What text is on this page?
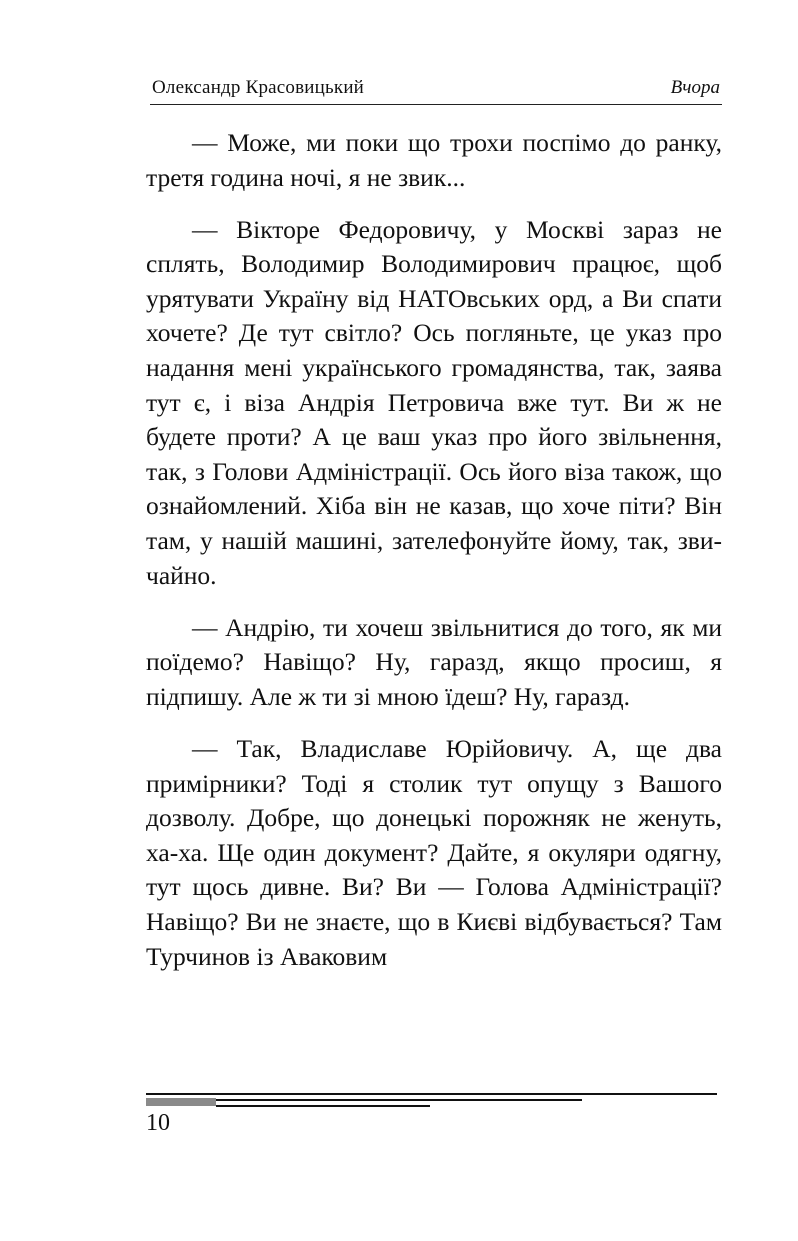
Олександр Красовицький	Вчора

— Може, ми поки що трохи поспімо до ранку, третя година ночі, я не звик...

— Вікторе Федоровичу, у Москві зараз не сплять, Володимир Володимирович працює, щоб урятувати Україну від НАТОвських орд, а Ви спати хочете? Де тут світло? Ось погляньте, це указ про надання мені українського громадянства, так, заява тут є, і віза Андрія Петровича вже тут. Ви ж не будете проти? А це ваш указ про його звільнення, так, з Голови Адміністрації. Ось його віза також, що ознайомлений. Хіба він не казав, що хоче піти? Він там, у нашій машині, зателефонуйте йому, так, звичайно.

— Андрію, ти хочеш звільнитися до того, як ми поїдемо? Навіщо? Ну, гаразд, якщо просиш, я підпишу. Але ж ти зі мною їдеш? Ну, гаразд.

— Так, Владиславе Юрійовичу. А, ще два примірники? Тоді я столик тут опущу з Вашого дозволу. Добре, що донецькі порожняк не женуть, ха-ха. Ще один документ? Дайте, я окуляри одягну, тут щось дивне. Ви? Ви — Голова Адміністрації? Навіщо? Ви не знаєте, що в Києві відбувається? Там Турчинов із Аваковим

10
